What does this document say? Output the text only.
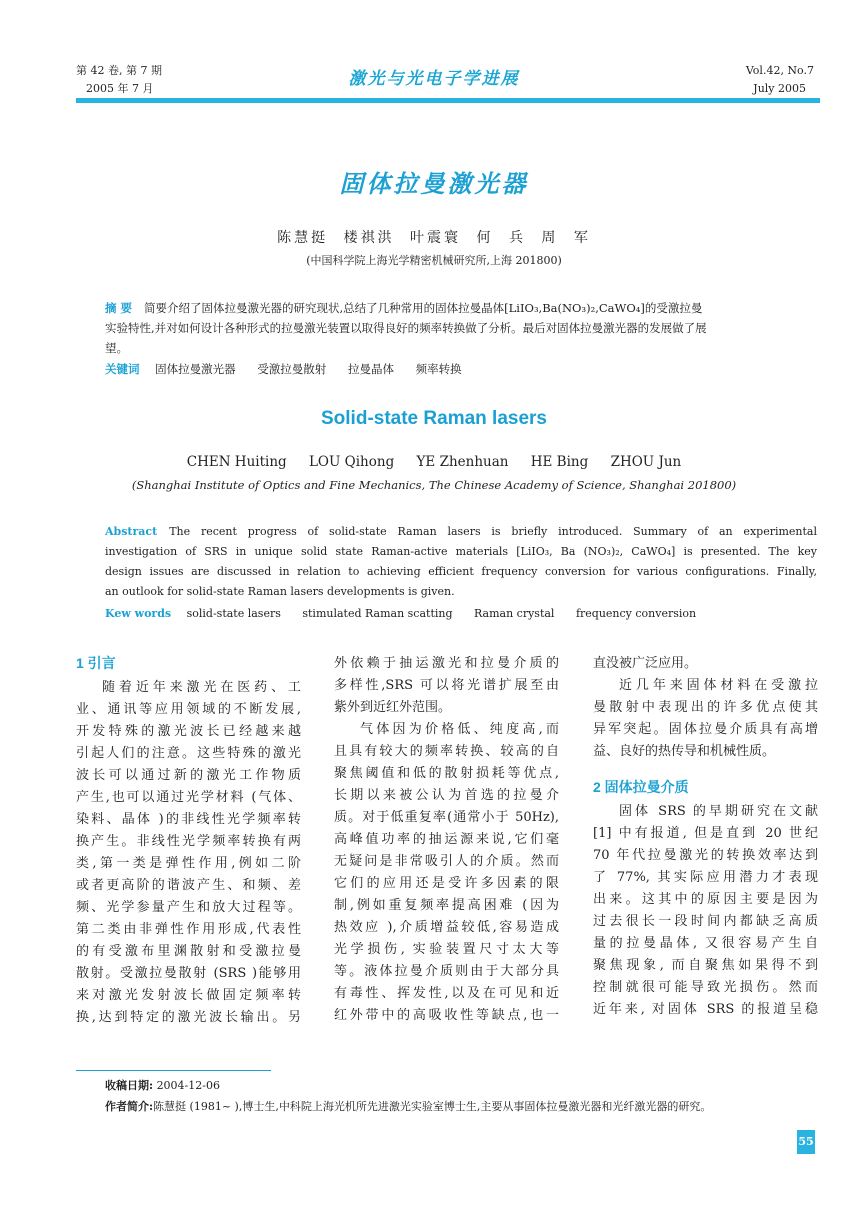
第 42 卷, 第 7 期
2005 年 7 月	激光与光电子学进展	Vol.42, No.7
July 2005
固体拉曼激光器
陈慧挺 楼祺洪 叶震寰 何 兵 周 军
(中国科学院上海光学精密机械研究所,上海 201800)
摘 要 简要介绍了固体拉曼激光器的研究现状,总结了几种常用的固体拉曼晶体[LiIO₃,Ba(NO₃)₂,CaWO₄]的受激拉曼
实验特性,并对如何设计各种形式的拉曼激光装置以取得良好的频率转换做了分析。最后对固体拉曼激光器的发展做了展
望。
关键词 固体拉曼激光器 受激拉曼散射 拉曼晶体 频率转换
Solid-state Raman lasers
CHEN Huiting LOU Qihong YE Zhenhuan HE Bing ZHOU Jun
(Shanghai Institute of Optics and Fine Mechanics, The Chinese Academy of Science, Shanghai 201800)
Abstract The recent progress of solid-state Raman lasers is briefly introduced. Summary of an experimental
investigation of SRS in unique solid state Raman-active materials [LiIO₃, Ba (NO₃)₂, CaWO₄] is presented. The key
design issues are discussed in relation to achieving efficient frequency conversion for various configurations. Finally,
an outlook for solid-state Raman lasers developments is given.
Kew words solid-state lasers stimulated Raman scatting Raman crystal frequency conversion
1 引言
随着近年来激光在医药、工
业、通讯等应用领域的不断发展,
开发特殊的激光波长已经越来越
引起人们的注意。这些特殊的激光
波长可以通过新的激光工作物质
产生,也可以通过光学材料 (气体、
染料、晶体 )的非线性光学频率转
换产生。非线性光学频率转换有两
类,第一类是弹性作用,例如二阶
或者更高阶的谐波产生、和频、差
频、光学参量产生和放大过程等。
第二类由非弹性作用形成,代表性
的有受激布里渊散射和受激拉曼
散射。受激拉曼散射 (SRS )能够用
来对激光发射波长做固定频率转
换,达到特定的激光波长输出。另
外依赖于抽运激光和拉曼介质的
多样性,SRS 可以将光谱扩展至由
紫外到近红外范围。
气体因为价格低、纯度高,而
且具有较大的频率转换、较高的自
聚焦阈值和低的散射损耗等优点,
长期以来被公认为首选的拉曼介
质。对于低重复率(通常小于 50Hz),
高峰值功率的抽运源来说,它们毫
无疑问是非常吸引人的介质。然而
它们的应用还是受许多因素的限
制,例如重复频率提高困难 (因为
热效应 ),介质增益较低,容易造成
光学损伤, 实验装置尺寸太大等
等。液体拉曼介质则由于大部分具
有毒性、挥发性,以及在可见和近
红外带中的高吸收性等缺点,也一
直没被广泛应用。
近几年来固体材料在受激拉
曼散射中表现出的许多优点使其
异军突起。固体拉曼介质具有高增
益、良好的热传导和机械性质。
2 固体拉曼介质
固体 SRS 的早期研究在文献
[1] 中有报道, 但是直到 20 世纪
70 年代拉曼激光的转换效率达到
了 77%, 其实际应用潜力才表现
出来。这其中的原因主要是因为
过去很长一段时间内都缺乏高质
量的拉曼晶体, 又很容易产生自
聚焦现象, 而自聚焦如果得不到
控制就很可能导致光损伤。然而
近年来, 对固体 SRS 的报道呈稳
收稿日期: 2004-12-06
作者简介:陈慧挺 (1981~ ),博士生,中科院上海光机所先进激光实验室博士生,主要从事固体拉曼激光器和光纤激光器的研究。
55
